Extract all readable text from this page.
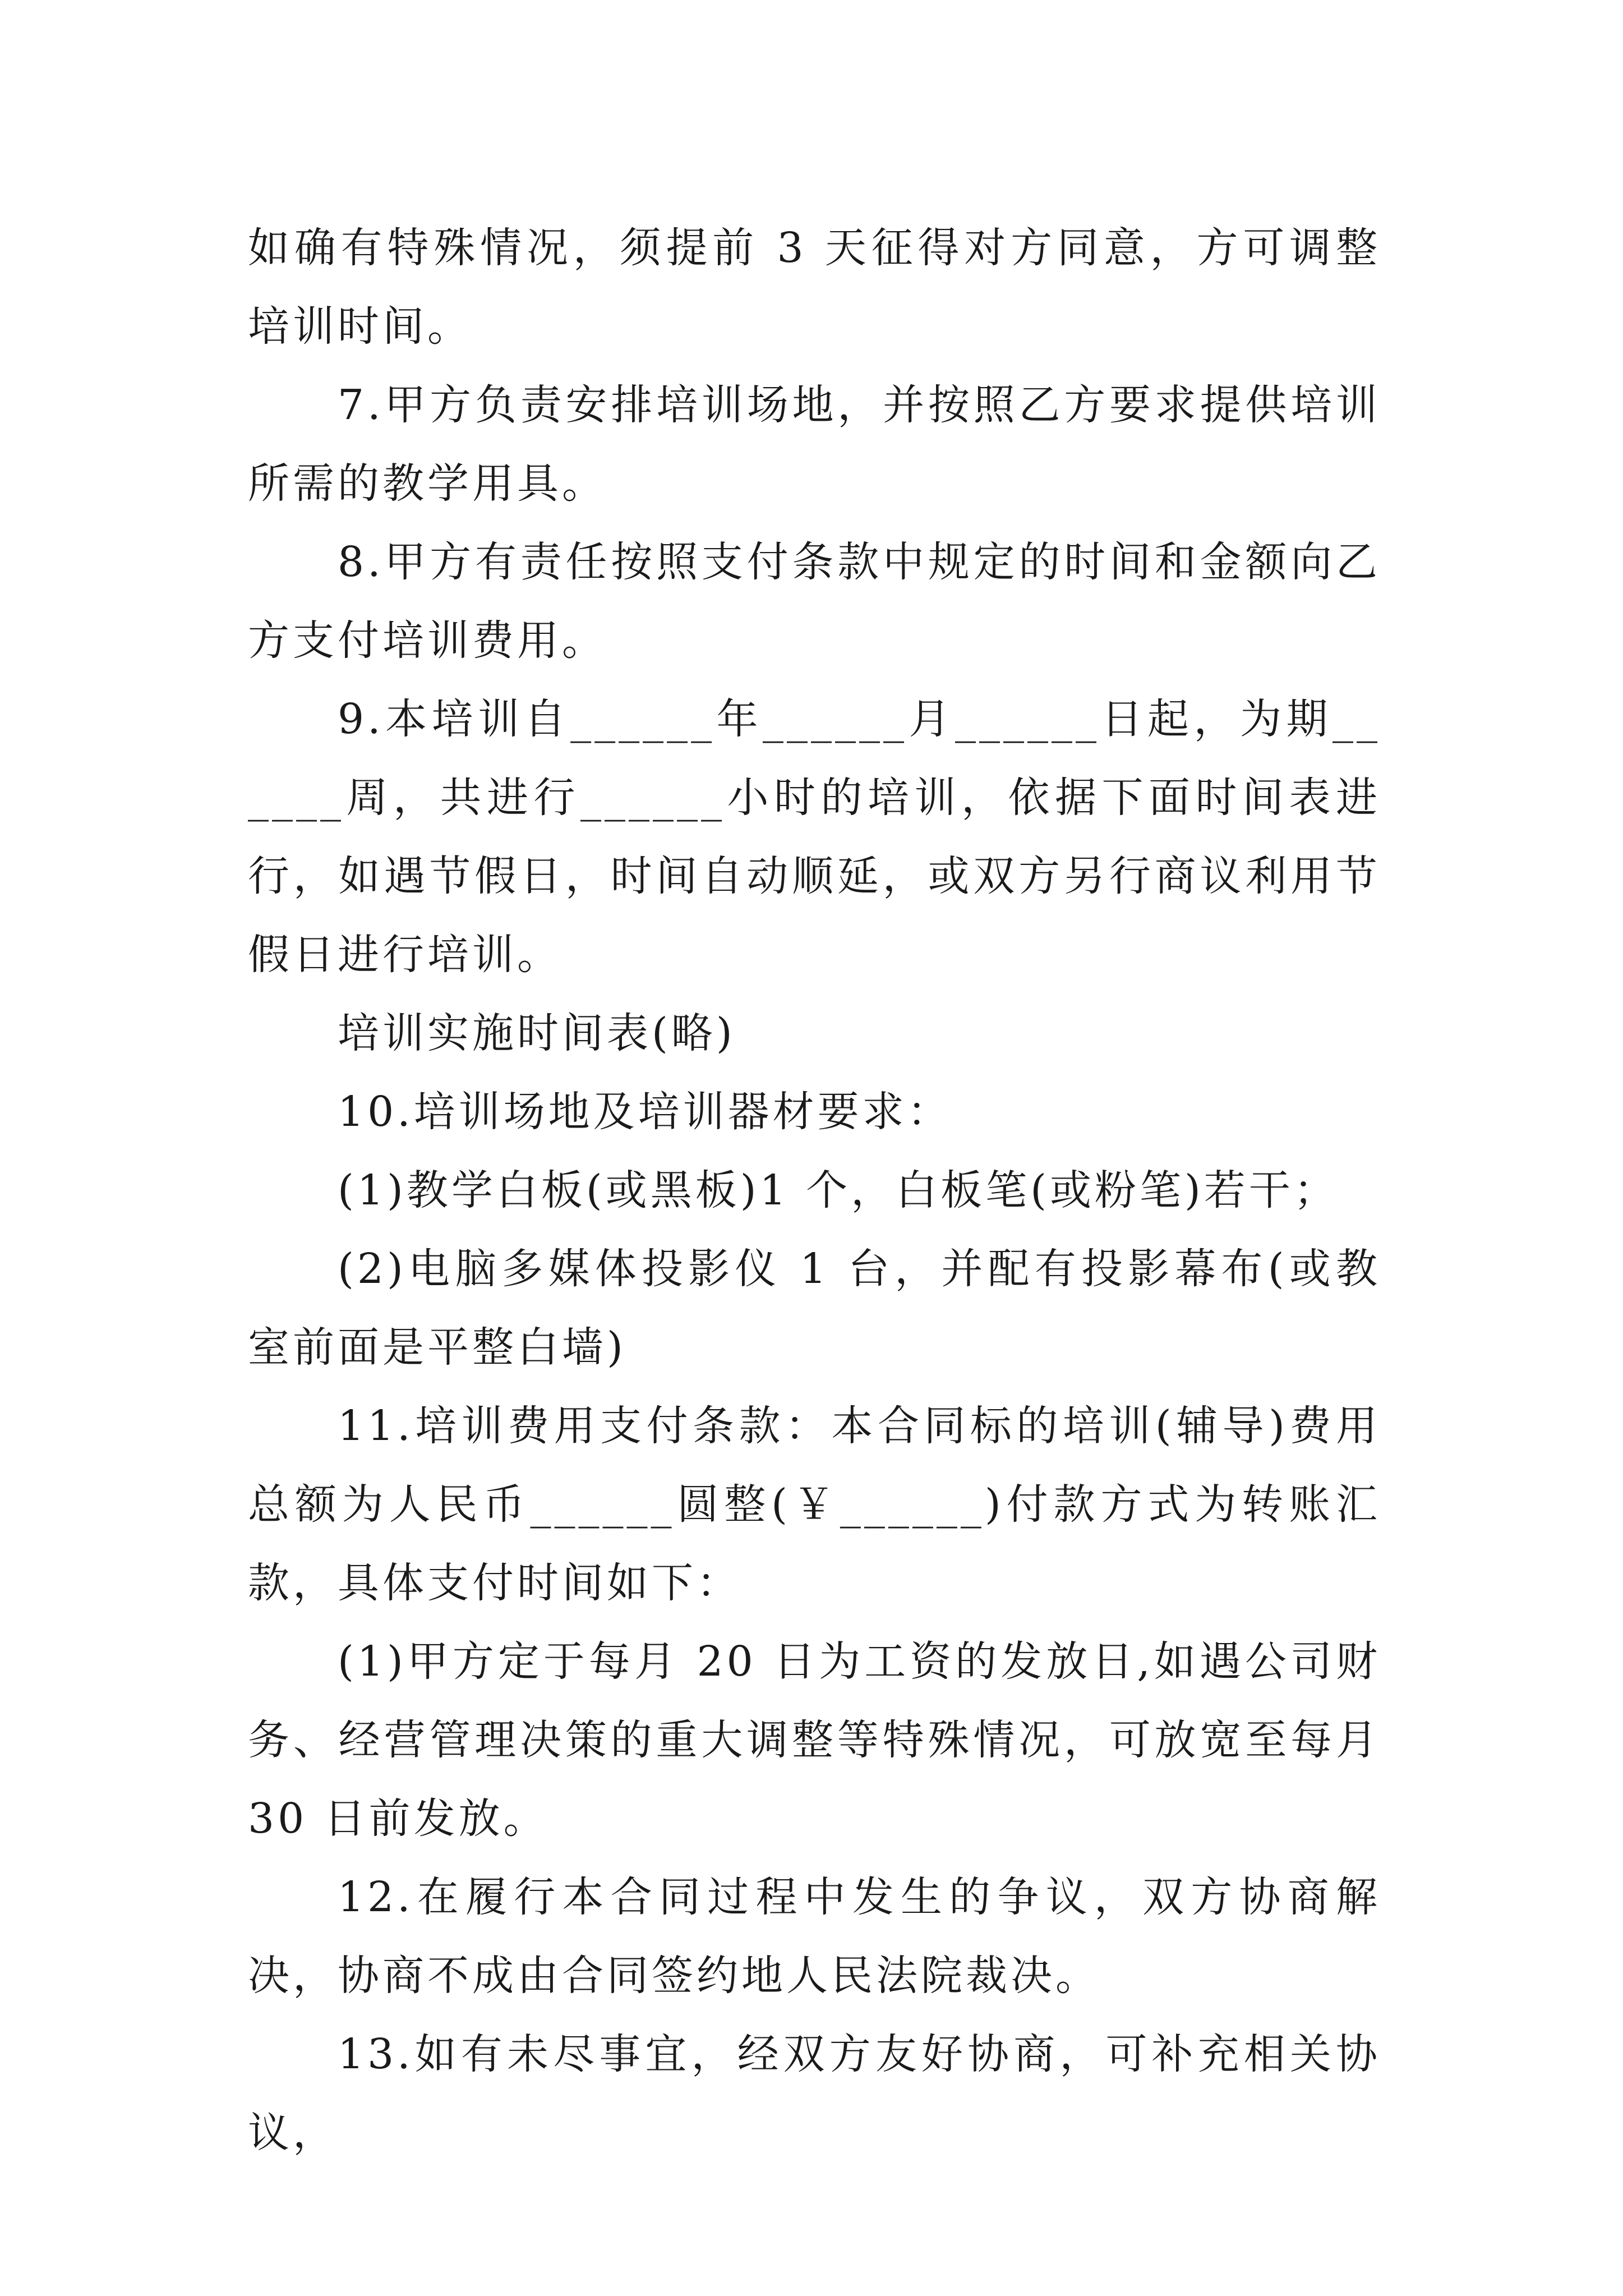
如确有特殊情况，须提前 3 天征得对方同意，方可调整培训时间。

7.甲方负责安排培训场地，并按照乙方要求提供培训所需的教学用具。

8.甲方有责任按照支付条款中规定的时间和金额向乙方支付培训费用。

9.本培训自______年______月______日起，为期______周，共进行______小时的培训，依据下面时间表进行，如遇节假日，时间自动顺延，或双方另行商议利用节假日进行培训。

培训实施时间表(略)

10.培训场地及培训器材要求：

(1)教学白板(或黑板)1 个，白板笔(或粉笔)若干；

(2)电脑多媒体投影仪 1 台，并配有投影幕布(或教室前面是平整白墙)

11.培训费用支付条款：本合同标的培训(辅导)费用总额为人民币______圆整(￥______)付款方式为转账汇款，具体支付时间如下：

(1)甲方定于每月 20 日为工资的发放日,如遇公司财务、经营管理决策的重大调整等特殊情况，可放宽至每月 30 日前发放。

12.在履行本合同过程中发生的争议，双方协商解决，协商不成由合同签约地人民法院裁决。

13.如有未尽事宜，经双方友好协商，可补充相关协议，
